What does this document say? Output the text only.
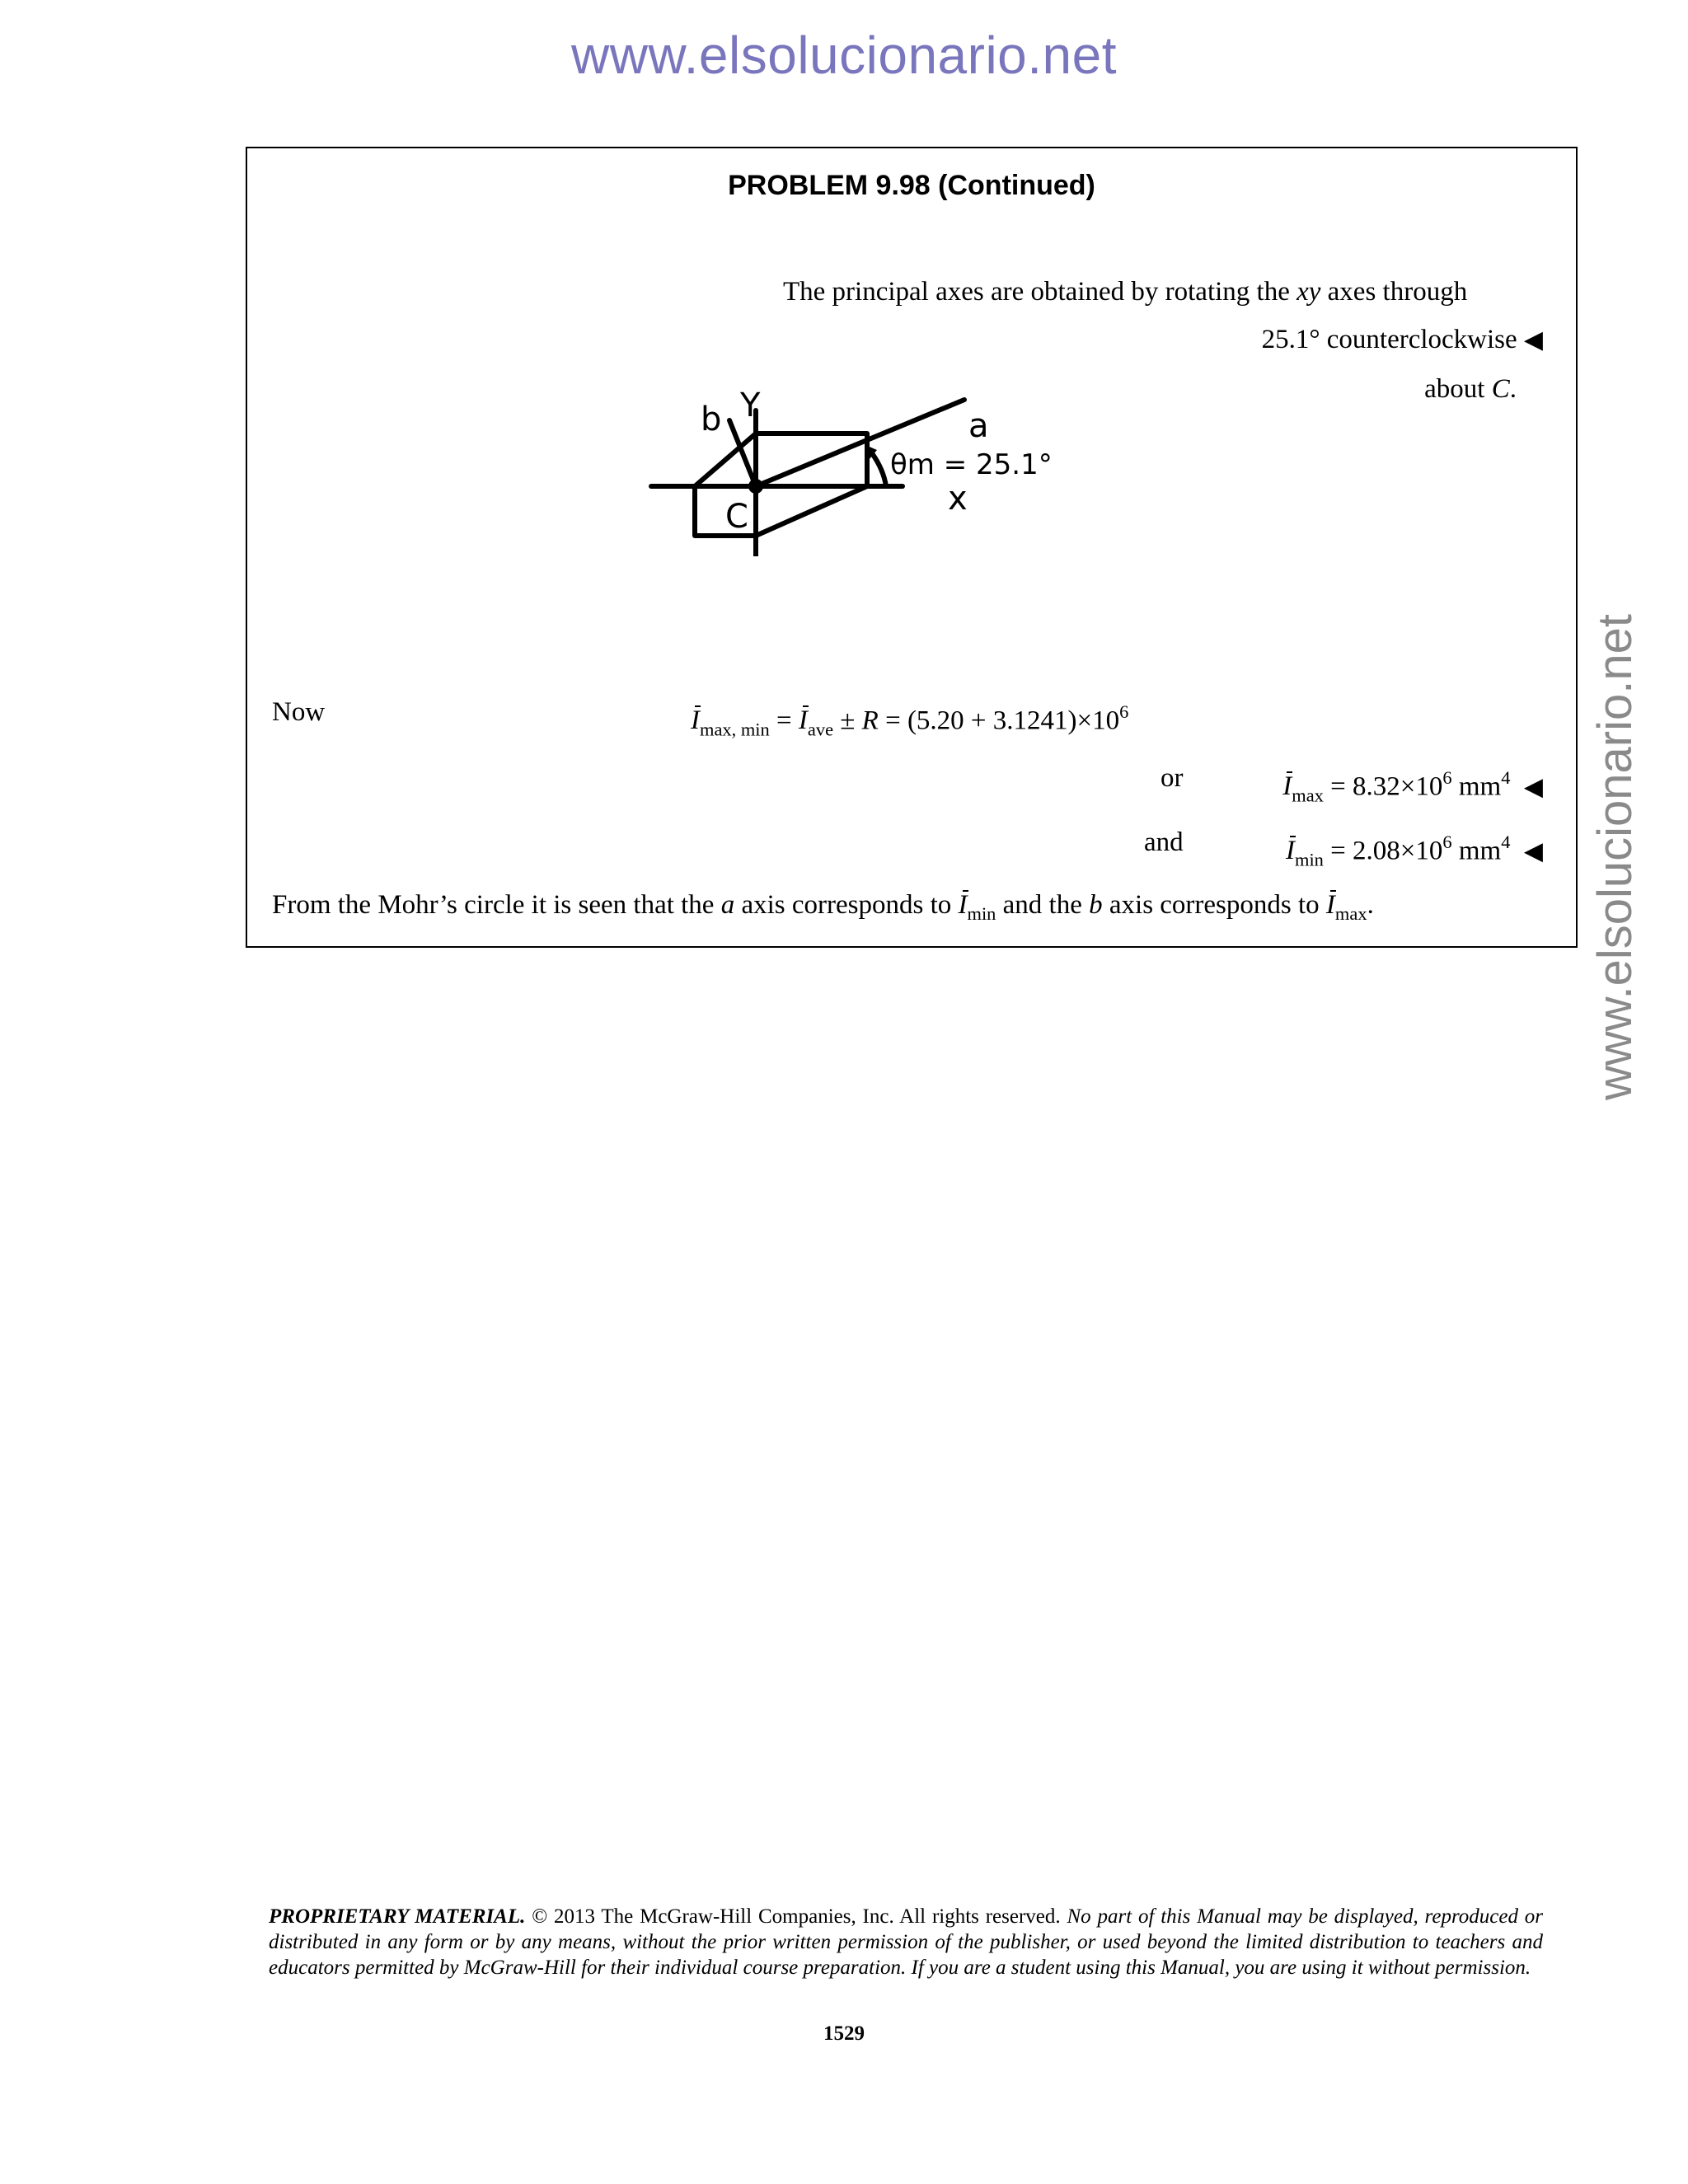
www.elsolucionario.net
www.elsolucionario.net
PROBLEM 9.98 (Continued)
The principal axes are obtained by rotating the xy axes through
25.1° counterclockwise ◀
about C.
b Y
a
C	x
θm = 25.1°
Now	$I_{max, min} = I_{ave} \pm R = (5.20 + 3.1241)\times 10^6$
or	$I_{max} = 8.32\times 10^6$ $mm^4$ ◀
and	$I_{min} = 2.08\times 10^6$ $mm^4$ ◀
From the Mohr’s circle it is seen that the a axis corresponds to $I_{min}$ and the b axis corresponds to $I_{max}$.
PROPRIETARY MATERIAL. © 2013 The McGraw-Hill Companies, Inc. All rights reserved. No part of this Manual may be displayed, reproduced or distributed in any form or by any means, without the prior written permission of the publisher, or used beyond the limited distribution to teachers and educators permitted by McGraw-Hill for their individual course preparation. If you are a student using this Manual, you are using it without permission.
1529
